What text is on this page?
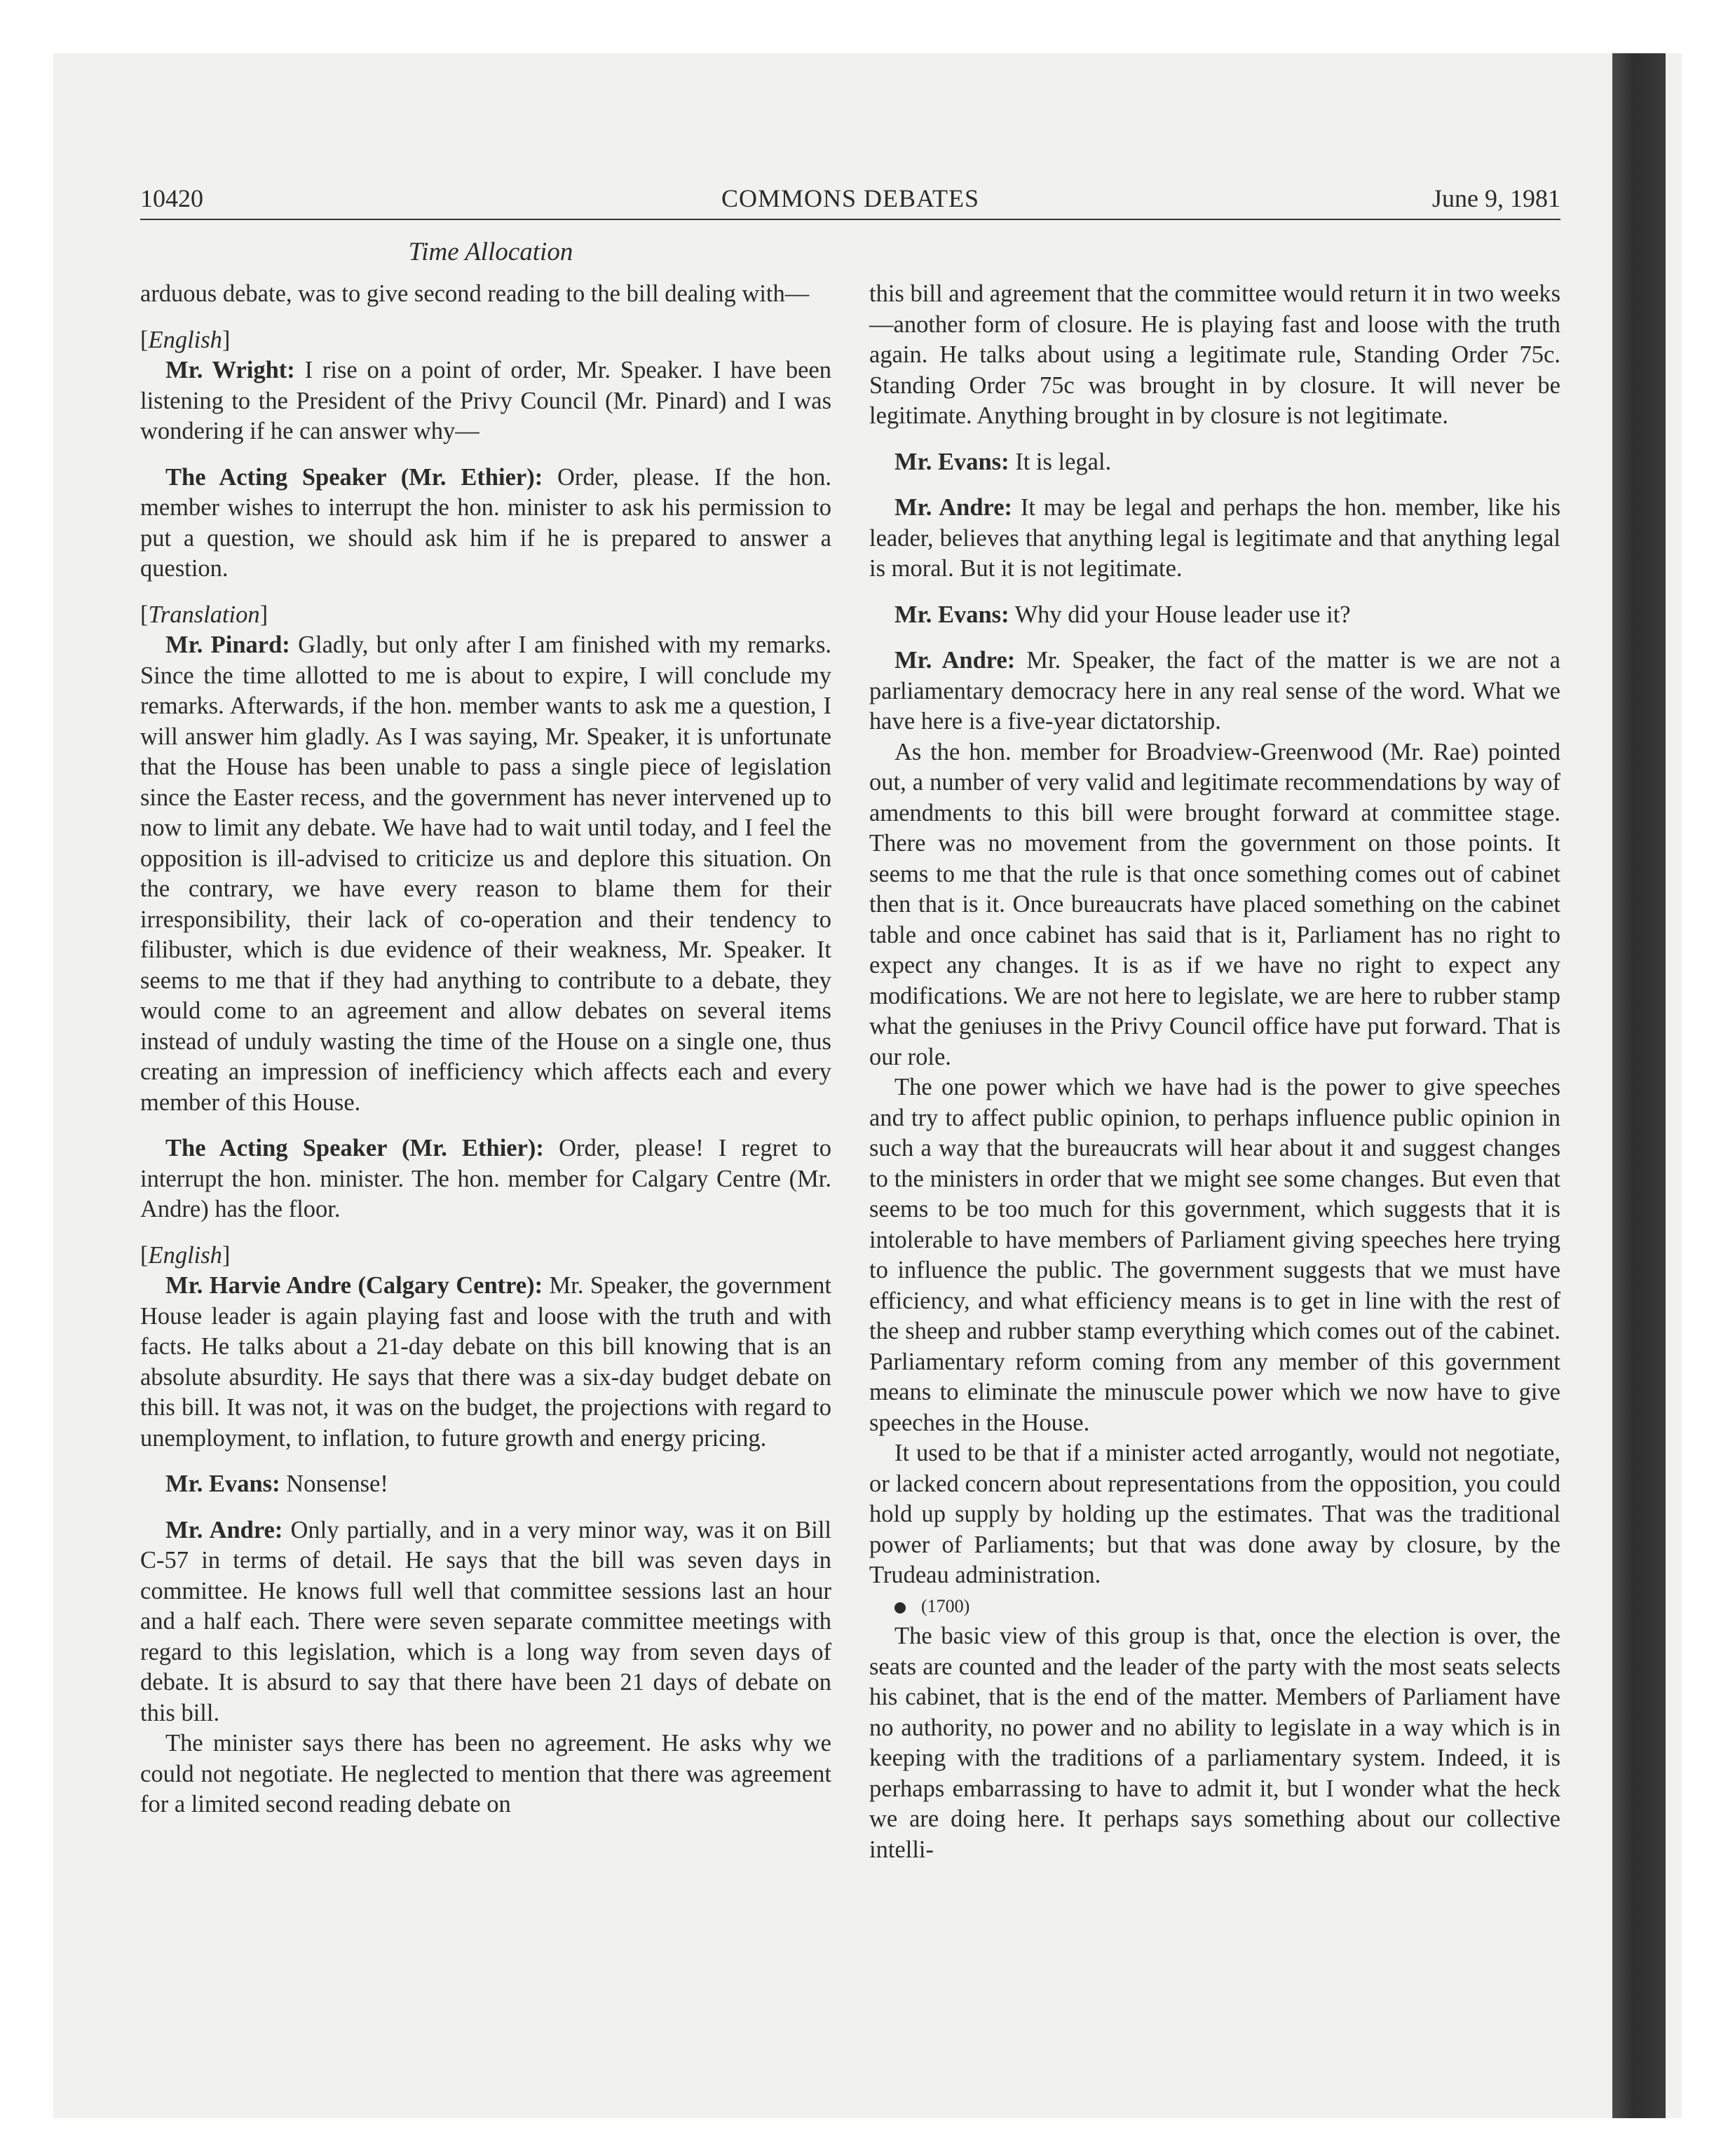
10420	COMMONS DEBATES	June 9, 1981
Time Allocation

arduous debate, was to give second reading to the bill dealing with—

[English]

Mr. Wright: I rise on a point of order, Mr. Speaker. I have been listening to the President of the Privy Council (Mr. Pinard) and I was wondering if he can answer why—

The Acting Speaker (Mr. Ethier): Order, please. If the hon. member wishes to interrupt the hon. minister to ask his permission to put a question, we should ask him if he is prepared to answer a question.

[Translation]

Mr. Pinard: Gladly, but only after I am finished with my remarks. Since the time allotted to me is about to expire, I will conclude my remarks. Afterwards, if the hon. member wants to ask me a question, I will answer him gladly. As I was saying, Mr. Speaker, it is unfortunate that the House has been unable to pass a single piece of legislation since the Easter recess, and the government has never intervened up to now to limit any debate. We have had to wait until today, and I feel the opposition is ill-advised to criticize us and deplore this situation. On the contrary, we have every reason to blame them for their irresponsibility, their lack of co-operation and their tendency to filibuster, which is due evidence of their weakness, Mr. Speaker. It seems to me that if they had anything to contribute to a debate, they would come to an agreement and allow debates on several items instead of unduly wasting the time of the House on a single one, thus creating an impression of inefficiency which affects each and every member of this House.

The Acting Speaker (Mr. Ethier): Order, please! I regret to interrupt the hon. minister. The hon. member for Calgary Centre (Mr. Andre) has the floor.

[English]

Mr. Harvie Andre (Calgary Centre): Mr. Speaker, the government House leader is again playing fast and loose with the truth and with facts. He talks about a 21-day debate on this bill knowing that is an absolute absurdity. He says that there was a six-day budget debate on this bill. It was not, it was on the budget, the projections with regard to unemployment, to inflation, to future growth and energy pricing.

Mr. Evans: Nonsense!

Mr. Andre: Only partially, and in a very minor way, was it on Bill C-57 in terms of detail. He says that the bill was seven days in committee. He knows full well that committee sessions last an hour and a half each. There were seven separate committee meetings with regard to this legislation, which is a long way from seven days of debate. It is absurd to say that there have been 21 days of debate on this bill.

The minister says there has been no agreement. He asks why we could not negotiate. He neglected to mention that there was agreement for a limited second reading debate on

this bill and agreement that the committee would return it in two weeks—another form of closure. He is playing fast and loose with the truth again. He talks about using a legitimate rule, Standing Order 75c. Standing Order 75c was brought in by closure. It will never be legitimate. Anything brought in by closure is not legitimate.

Mr. Evans: It is legal.

Mr. Andre: It may be legal and perhaps the hon. member, like his leader, believes that anything legal is legitimate and that anything legal is moral. But it is not legitimate.

Mr. Evans: Why did your House leader use it?

Mr. Andre: Mr. Speaker, the fact of the matter is we are not a parliamentary democracy here in any real sense of the word. What we have here is a five-year dictatorship.

As the hon. member for Broadview-Greenwood (Mr. Rae) pointed out, a number of very valid and legitimate recommendations by way of amendments to this bill were brought forward at committee stage. There was no movement from the government on those points. It seems to me that the rule is that once something comes out of cabinet then that is it. Once bureaucrats have placed something on the cabinet table and once cabinet has said that is it, Parliament has no right to expect any changes. It is as if we have no right to expect any modifications. We are not here to legislate, we are here to rubber stamp what the geniuses in the Privy Council office have put forward. That is our role.

The one power which we have had is the power to give speeches and try to affect public opinion, to perhaps influence public opinion in such a way that the bureaucrats will hear about it and suggest changes to the ministers in order that we might see some changes. But even that seems to be too much for this government, which suggests that it is intolerable to have members of Parliament giving speeches here trying to influence the public. The government suggests that we must have efficiency, and what efficiency means is to get in line with the rest of the sheep and rubber stamp everything which comes out of the cabinet. Parliamentary reform coming from any member of this government means to eliminate the minuscule power which we now have to give speeches in the House.

It used to be that if a minister acted arrogantly, would not negotiate, or lacked concern about representations from the opposition, you could hold up supply by holding up the estimates. That was the traditional power of Parliaments; but that was done away by closure, by the Trudeau administration.

(1700)

The basic view of this group is that, once the election is over, the seats are counted and the leader of the party with the most seats selects his cabinet, that is the end of the matter. Members of Parliament have no authority, no power and no ability to legislate in a way which is in keeping with the traditions of a parliamentary system. Indeed, it is perhaps embarrassing to have to admit it, but I wonder what the heck we are doing here. It perhaps says something about our collective intelli-
